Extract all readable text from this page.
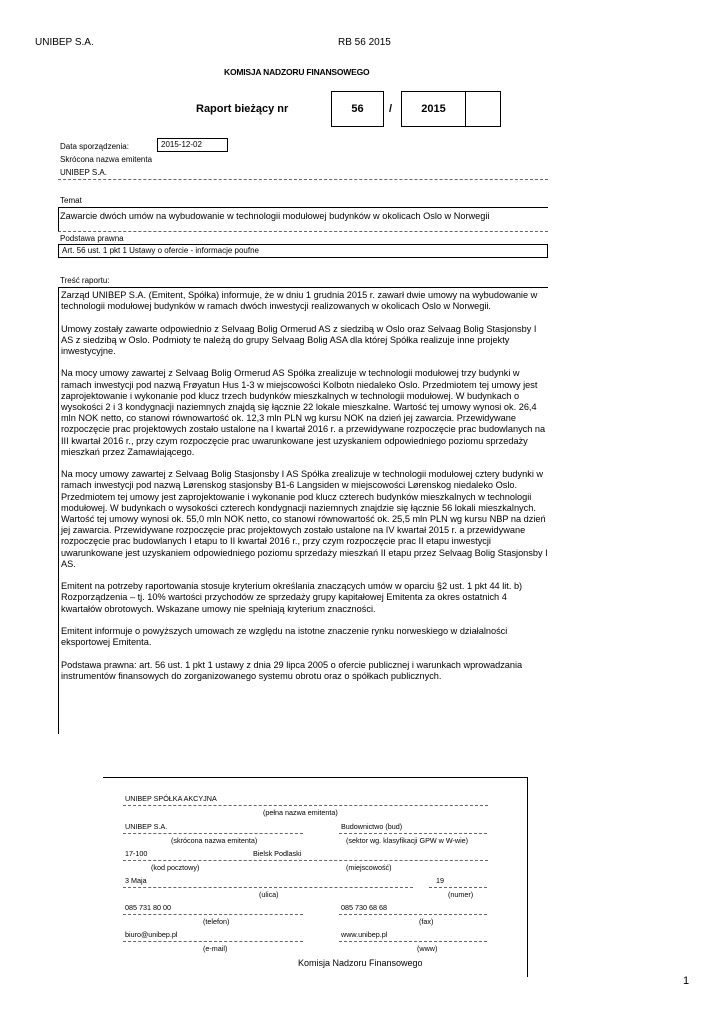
UNIBEP S.A.	RB 56 2015
KOMISJA NADZORU FINANSOWEGO
Raport bieżący nr	56 /	2015
Data sporządzenia:	2015-12-02
Skrócona nazwa emitenta
UNIBEP S.A.
Temat
Zawarcie dwóch umów na wybudowanie w technologii modułowej budynków w okolicach Oslo w Norwegii
Podstawa prawna
Art. 56 ust. 1 pkt 1 Ustawy o ofercie - informacje poufne
Treść raportu:

Zarząd UNIBEP S.A. (Emitent, Spółka) informuje, że w dniu 1 grudnia 2015 r. zawarł dwie umowy na wybudowanie w technologii modułowej budynków w ramach dwóch inwestycji realizowanych w okolicach Oslo w Norwegii.

Umowy zostały zawarte odpowiednio z Selvaag Bolig Ormerud AS z siedzibą w Oslo oraz Selvaag Bolig Stasjonsby I AS z siedzibą w Oslo. Podmioty te należą do grupy Selvaag Bolig ASA dla której Spółka realizuje inne projekty inwestycyjne.

Na mocy umowy zawartej z Selvaag Bolig Ormerud AS Spółka zrealizuje w technologii modułowej trzy budynki w ramach inwestycji pod nazwą Frøyatun Hus 1-3 w miejscowości Kolbotn niedaleko Oslo. Przedmiotem tej umowy jest zaprojektowanie i wykonanie pod klucz trzech budynków mieszkalnych w technologii modułowej. W budynkach o wysokości 2 i 3 kondygnacji naziemnych znajdą się łącznie 22 lokale mieszkalne. Wartość tej umowy wynosi ok. 26,4 mln NOK netto, co stanowi równowartość ok. 12,3 mln PLN wg kursu NOK na dzień jej zawarcia. Przewidywane rozpoczęcie prac projektowych zostało ustalone na I kwartał 2016 r. a przewidywane rozpoczęcie prac budowlanych na III kwartał 2016 r., przy czym rozpoczęcie prac uwarunkowane jest uzyskaniem odpowiedniego poziomu sprzedaży mieszkań przez Zamawiającego.

Na mocy umowy zawartej z Selvaag Bolig Stasjonsby I AS Spółka zrealizuje w technologii modułowej cztery budynki w ramach inwestycji pod nazwą Lørenskog stasjonsby B1-6 Langsiden w miejscowości Lørenskog niedaleko Oslo. Przedmiotem tej umowy jest zaprojektowanie i wykonanie pod klucz czterech budynków mieszkalnych w technologii modułowej. W budynkach o wysokości czterech kondygnacji naziemnych znajdzie się łącznie 56 lokali mieszkalnych. Wartość tej umowy wynosi ok. 55,0 mln NOK netto, co stanowi równowartość ok. 25,5 mln PLN wg kursu NBP na dzień jej zawarcia. Przewidywane rozpoczęcie prac projektowych zostało ustalone na IV kwartał 2015 r. a przewidywane rozpoczęcie prac budowlanych I etapu to II kwartał 2016 r., przy czym rozpoczęcie prac II etapu inwestycji uwarunkowane jest uzyskaniem odpowiedniego poziomu sprzedaży mieszkań II etapu przez Selvaag Bolig Stasjonsby I AS.

Emitent na potrzeby raportowania stosuje kryterium określania znaczących umów w oparciu §2 ust. 1 pkt 44 lit. b) Rozporządzenia – tj. 10% wartości przychodów ze sprzedaży grupy kapitałowej Emitenta za okres ostatnich 4 kwartałów obrotowych. Wskazane umowy nie spełniają kryterium znaczności.

Emitent informuje o powyższych umowach ze względu na istotne znaczenie rynku norweskiego w działalności eksportowej Emitenta.

Podstawa prawna: art. 56 ust. 1 pkt 1 ustawy z dnia 29 lipca 2005 o ofercie publicznej i warunkach wprowadzania instrumentów finansowych do zorganizowanego systemu obrotu oraz o spółkach publicznych.

UNIBEP SPÓŁKA AKCYJNA
(pełna nazwa emitenta)
UNIBEP S.A.
(skrócona nazwa emitenta)
Budownictwo (bud)
(sektor wg. klasyfikacji GPW w W-wie)
17-100	Bielsk Podlaski
(kod pocztowy)	(miejscowość)
3 Maja	19
(ulica)	(numer)
085 731 80 00	085 730 68 68
(telefon)	(fax)
biuro@unibep.pl	www.unibep.pl
(e-mail)	(www)
Komisja Nadzoru Finansowego
1
